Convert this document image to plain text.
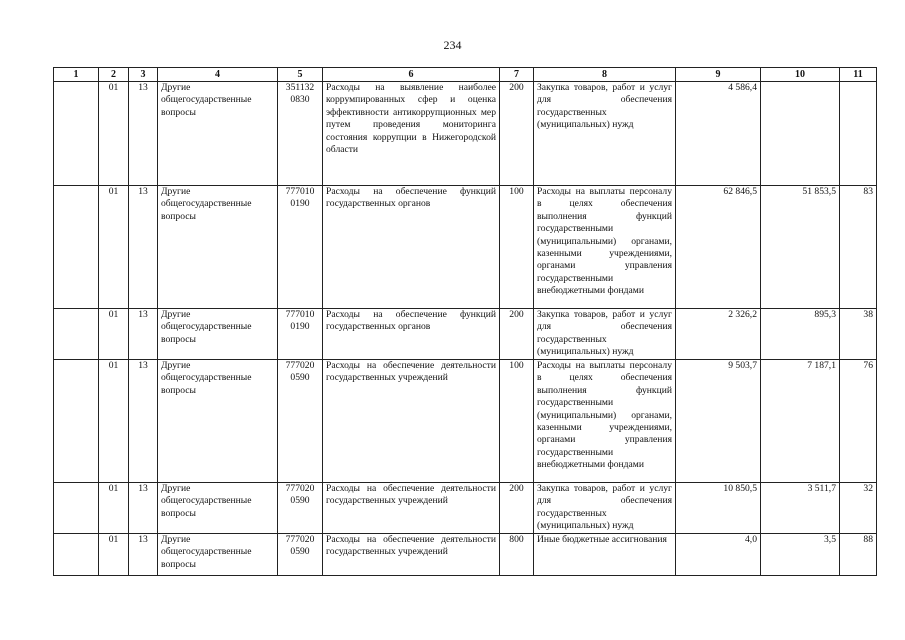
234
1	2	3	4	5	6	7	8	9	10	11
	01	13	Другие общегосударственные вопросы	351132 0830	Расходы на выявление наиболее коррумпированных сфер и оценка эффективности антикоррупционных мер путем проведения мониторинга состояния коррупции в Нижегородской области	200	Закупка товаров, работ и услуг для обеспечения государственных (муниципальных) нужд	4 586,4		
	01	13	Другие общегосударственные вопросы	777010 0190	Расходы на обеспечение функций государственных органов	100	Расходы на выплаты персоналу в целях обеспечения выполнения функций государственными (муниципальными) органами, казенными учреждениями, органами управления государственными внебюджетными фондами	62 846,5	51 853,5	83
	01	13	Другие общегосударственные вопросы	777010 0190	Расходы на обеспечение функций государственных органов	200	Закупка товаров, работ и услуг для обеспечения государственных (муниципальных) нужд	2 326,2	895,3	38
	01	13	Другие общегосударственные вопросы	777020 0590	Расходы на обеспечение деятельности государственных учреждений	100	Расходы на выплаты персоналу в целях обеспечения выполнения функций государственными (муниципальными) органами, казенными учреждениями, органами управления государственными внебюджетными фондами	9 503,7	7 187,1	76
	01	13	Другие общегосударственные вопросы	777020 0590	Расходы на обеспечение деятельности государственных учреждений	200	Закупка товаров, работ и услуг для обеспечения государственных (муниципальных) нужд	10 850,5	3 511,7	32
	01	13	Другие общегосударственные вопросы	777020 0590	Расходы на обеспечение деятельности государственных учреждений	800	Иные бюджетные ассигнования	4,0	3,5	88
